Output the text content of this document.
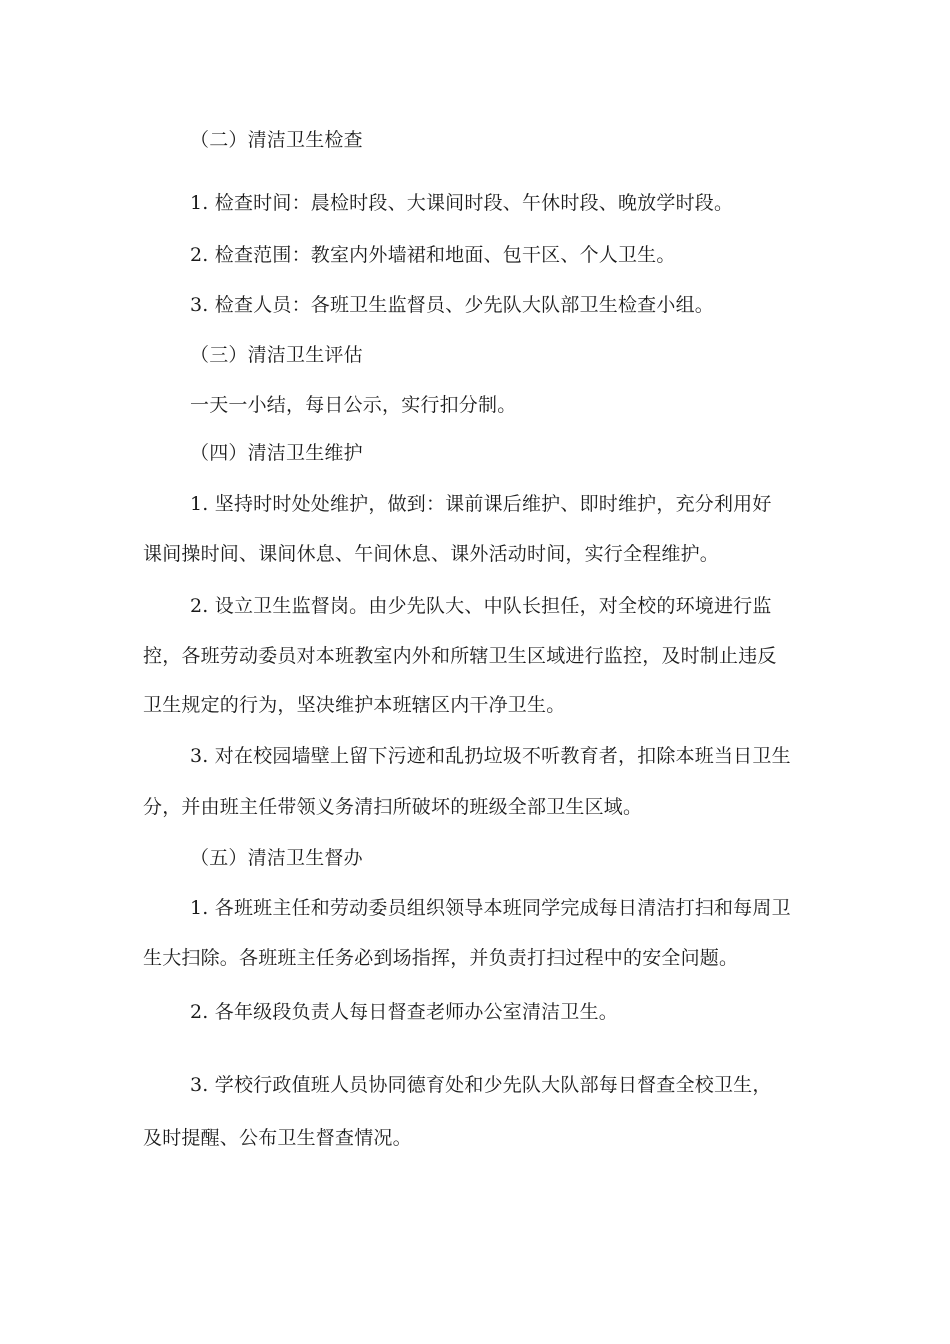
（二）清洁卫生检查
1. 检查时间：晨检时段、大课间时段、午休时段、晚放学时段。
2. 检查范围：教室内外墙裙和地面、包干区、个人卫生。
3. 检查人员：各班卫生监督员、少先队大队部卫生检查小组。
（三）清洁卫生评估
一天一小结，每日公示，实行扣分制。
（四）清洁卫生维护
1. 坚持时时处处维护，做到：课前课后维护、即时维护，充分利用好
课间操时间、课间休息、午间休息、课外活动时间，实行全程维护。
2. 设立卫生监督岗。由少先队大、中队长担任，对全校的环境进行监
控，各班劳动委员对本班教室内外和所辖卫生区域进行监控，及时制止违反
卫生规定的行为，坚决维护本班辖区内干净卫生。
3. 对在校园墙壁上留下污迹和乱扔垃圾不听教育者，扣除本班当日卫生
分，并由班主任带领义务清扫所破坏的班级全部卫生区域。
（五）清洁卫生督办
1. 各班班主任和劳动委员组织领导本班同学完成每日清洁打扫和每周卫
生大扫除。各班班主任务必到场指挥，并负责打扫过程中的安全问题。
2. 各年级段负责人每日督查老师办公室清洁卫生。
3. 学校行政值班人员协同德育处和少先队大队部每日督查全校卫生，
及时提醒、公布卫生督查情况。
